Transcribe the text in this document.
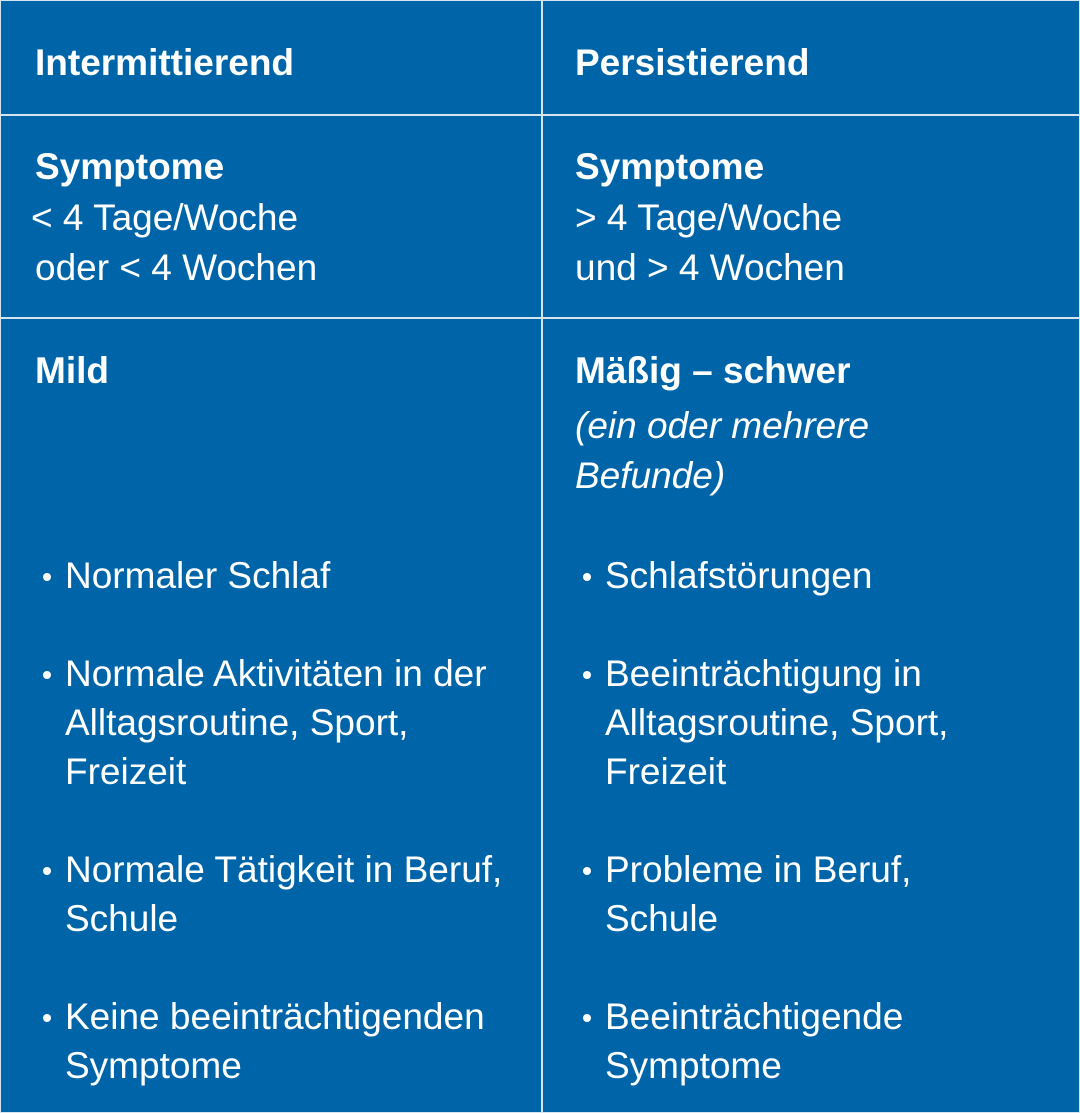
Intermittierend	Persistierend
Symptome
< 4 Tage/Woche
oder < 4 Wochen
Symptome
> 4 Tage/Woche
und > 4 Wochen
Mild
Normaler Schlaf
Normale Aktivitäten in der Alltagsroutine, Sport, Freizeit
Normale Tätigkeit in Beruf, Schule
Keine beeinträchtigenden Symptome
Mäßig – schwer
(ein oder mehrere Befunde)
Schlafstörungen
Beeinträchtigung in Alltagsroutine, Sport, Freizeit
Probleme in Beruf, Schule
Beeinträchtigende Symptome
